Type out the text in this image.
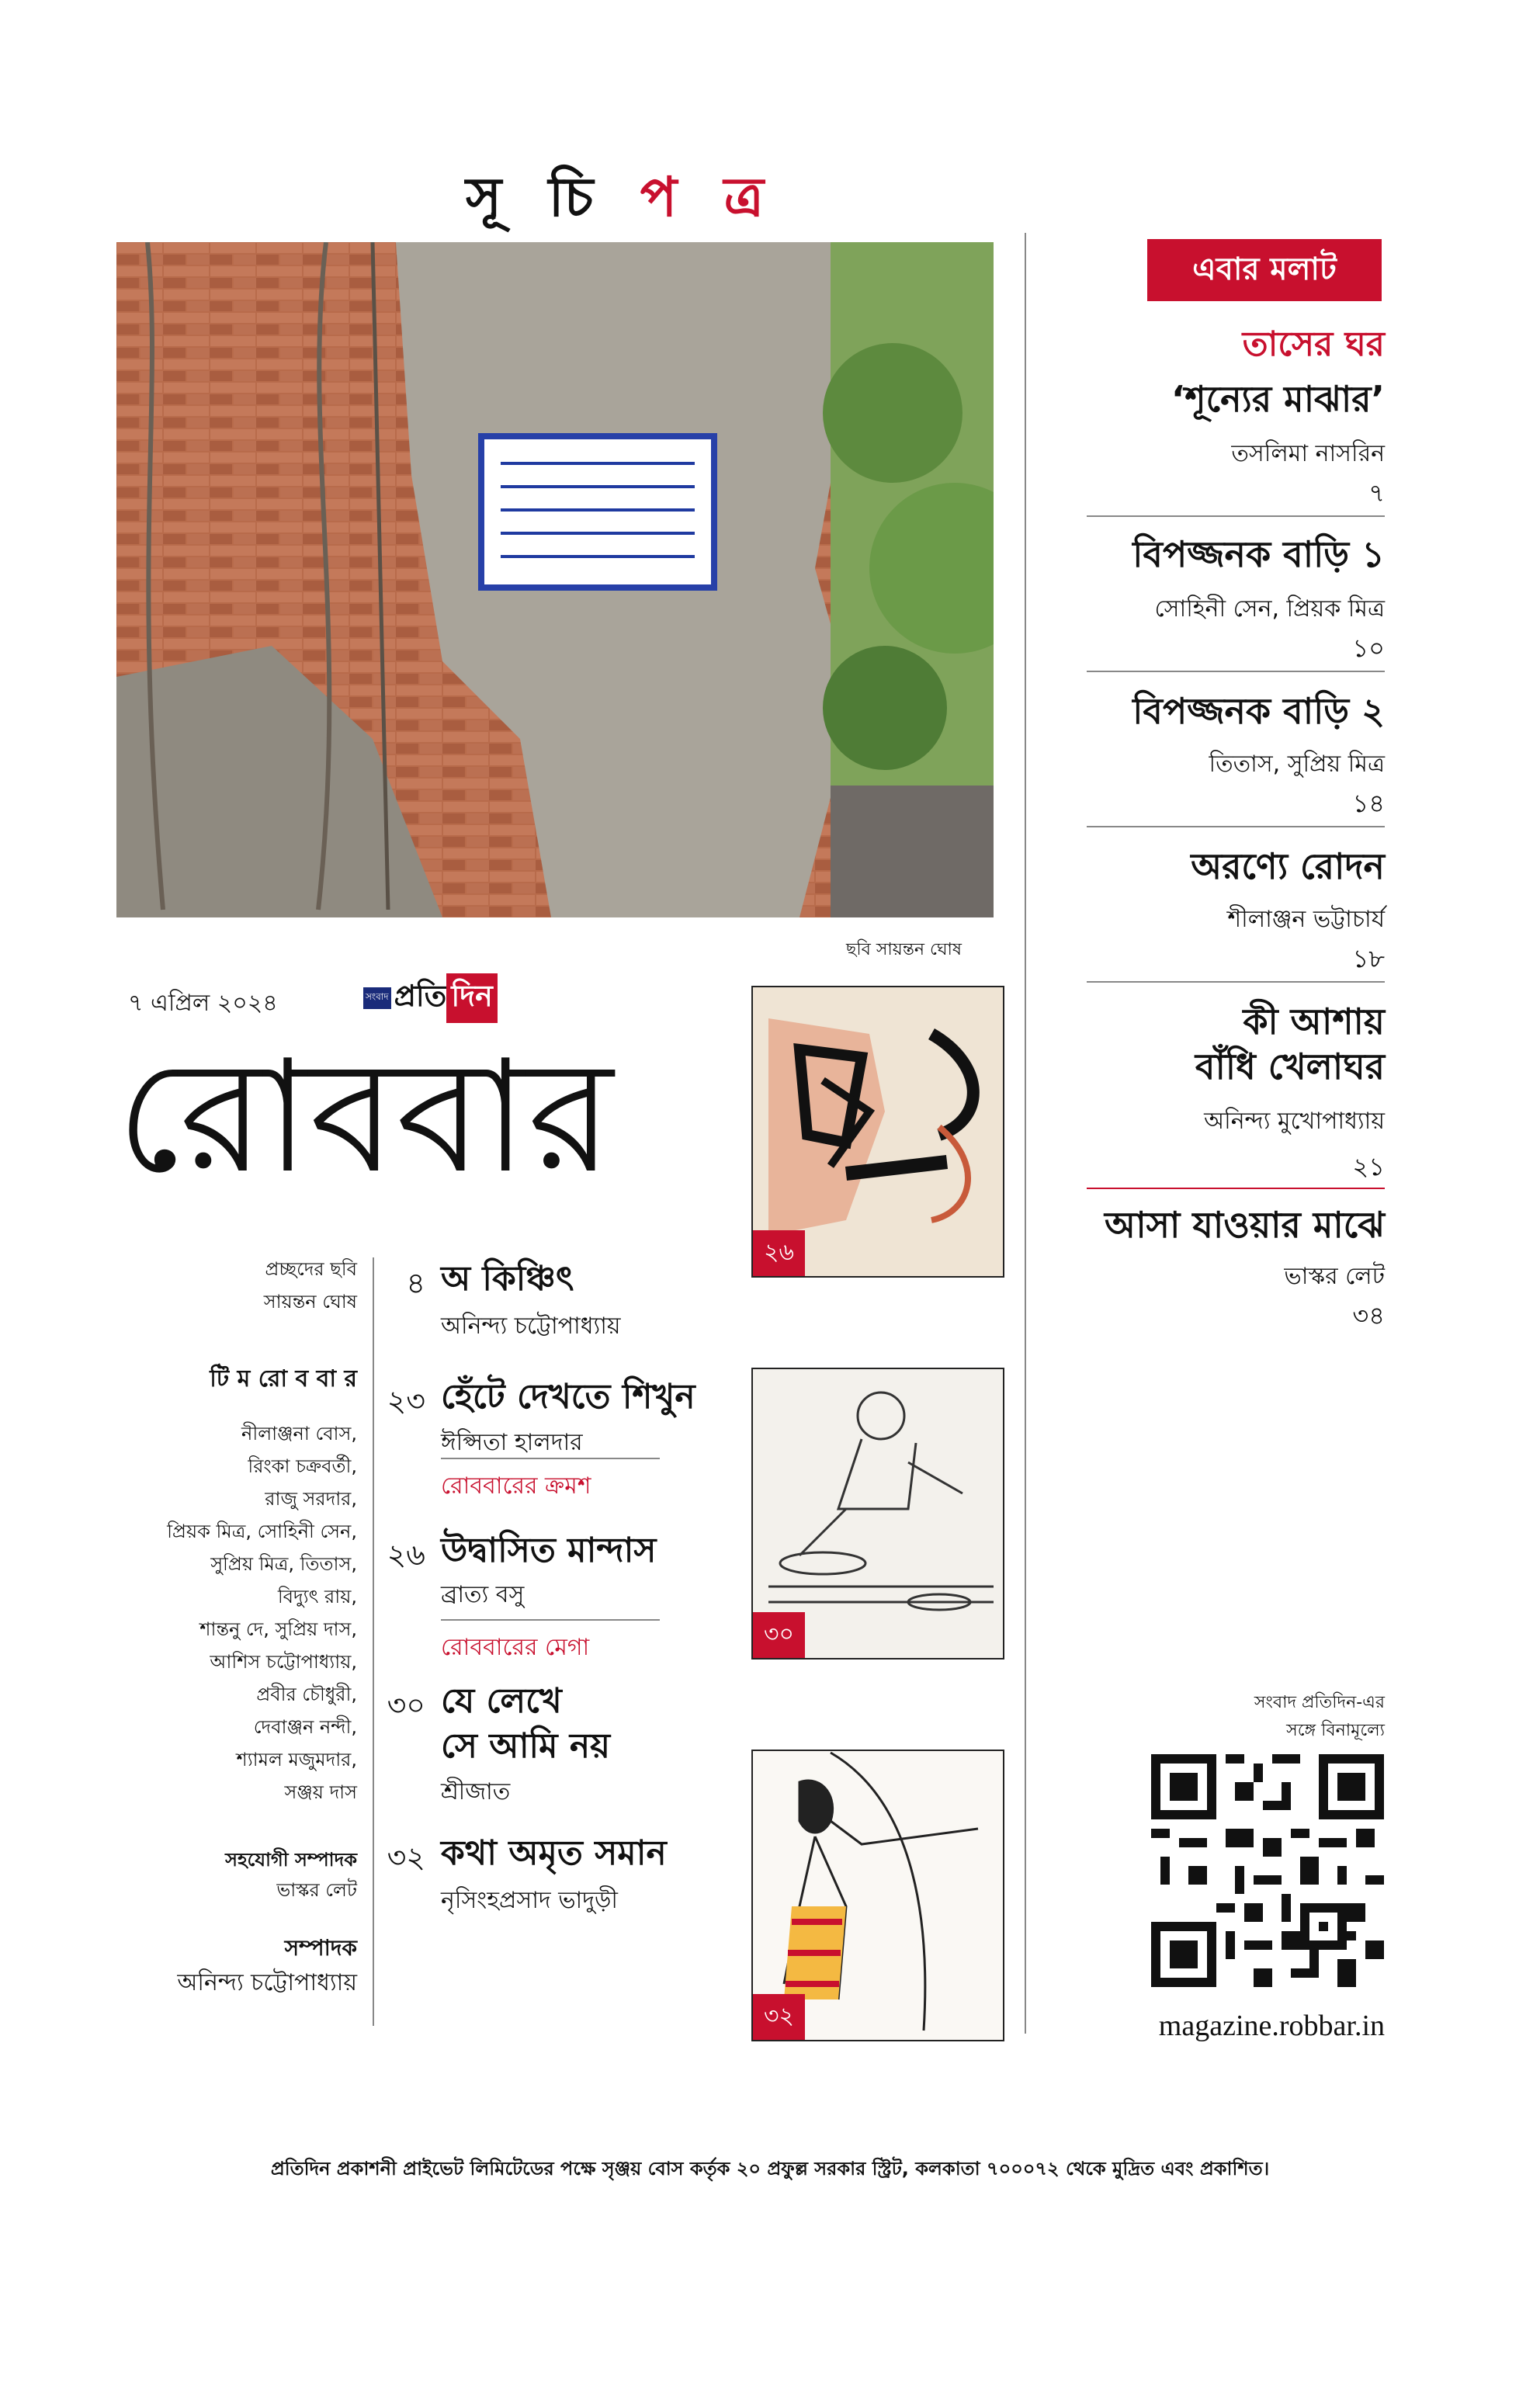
সূ চি প ত্র
ছবি সায়ন্তন ঘোষ
৭ এপ্রিল ২০২৪	সংবাদ প্রতি দিন
রোববার
প্রচ্ছদের ছবি
সায়ন্তন ঘোষ
টি ম রো ব বা র
নীলাঞ্জনা বোস,
রিংকা চক্রবর্তী,
রাজু সরদার,
প্রিয়ক মিত্র, সোহিনী সেন,
সুপ্রিয় মিত্র, তিতাস,
বিদ্যুৎ রায়,
শান্তনু দে, সুপ্রিয় দাস,
আশিস চট্টোপাধ্যায়,
প্রবীর চৌধুরী,
দেবাঞ্জন নন্দী,
শ্যামল মজুমদার,
সঞ্জয় দাস
সহযোগী সম্পাদক
ভাস্কর লেট
সম্পাদক
অনিন্দ্য চট্টোপাধ্যায়
৪ অ কিঞ্চিৎ
অনিন্দ্য চট্টোপাধ্যায়
২৩ হেঁটে দেখতে শিখুন
ঈপ্সিতা হালদার
রোববারের ক্রমশ
২৬ উদ্বাসিত মান্দাস
ব্রাত্য বসু
রোববারের মেগা
৩০ যে লেখে
সে আমি নয়
শ্রীজাত
৩২ কথা অমৃত সমান
নৃসিংহপ্রসাদ ভাদুড়ী
২৬
৩০
৩২
এবার মলাট
তাসের ঘর
‘শূন্যের মাঝার’
তসলিমা নাসরিন
৭
বিপজ্জনক বাড়ি ১
সোহিনী সেন, প্রিয়ক মিত্র
১০
বিপজ্জনক বাড়ি ২
তিতাস, সুপ্রিয় মিত্র
১৪
অরণ্যে রোদন
শীলাঞ্জন ভট্টাচার্য
১৮
কী আশায়
বাঁধি খেলাঘর
অনিন্দ্য মুখোপাধ্যায়
২১
আসা যাওয়ার মাঝে
ভাস্কর লেট
৩৪
সংবাদ প্রতিদিন-এর
সঙ্গে বিনামূল্যে
magazine.robbar.in
প্রতিদিন প্রকাশনী প্রাইভেট লিমিটেডের পক্ষে সৃঞ্জয় বোস কর্তৃক ২০ প্রফুল্ল সরকার স্ট্রিট, কলকাতা ৭০০০৭২ থেকে মুদ্রিত এবং প্রকাশিত।
